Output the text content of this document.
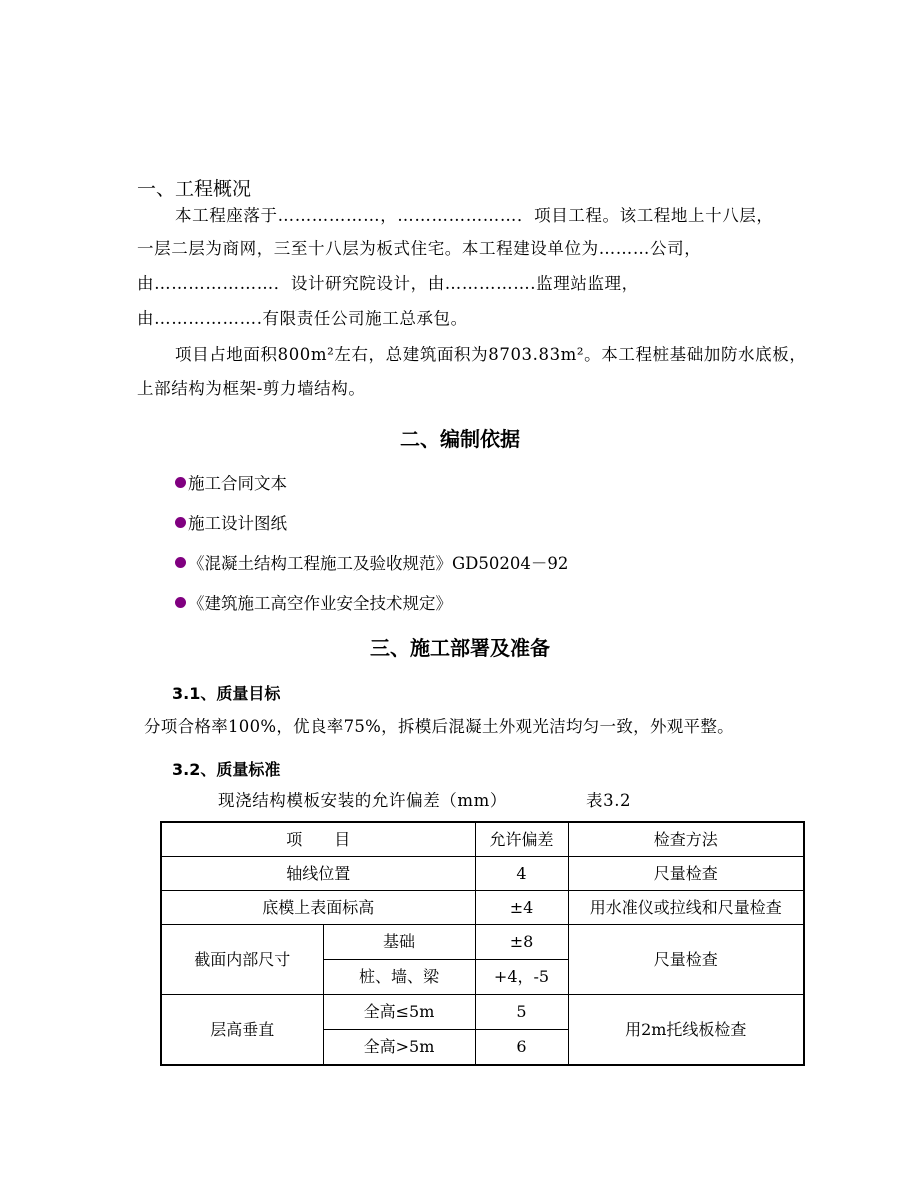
一、工程概况
本工程座落于………………，…………………．项目工程。该工程地上十八层，
一层二层为商网，三至十八层为板式住宅。本工程建设单位为………公司，
由…………………．设计研究院设计，由…………….监理站监理，
由……………….有限责任公司施工总承包。
项目占地面积800m²左右，总建筑面积为8703.83m²。本工程桩基础加防水底板，
上部结构为框架-剪力墙结构。
二、编制依据
施工合同文本
施工设计图纸
《混凝土结构工程施工及验收规范》GD50204－92
《建筑施工高空作业安全技术规定》
三、施工部署及准备
3.1、质量目标
分项合格率100%，优良率75%，拆模后混凝土外观光洁均匀一致，外观平整。
3.2、质量标准
现浇结构模板安装的允许偏差（mm）	表3.2
项　　目		允许偏差	检查方法
轴线位置		4	尺量检查
底模上表面标高		±4	用水准仪或拉线和尺量检查
截面内部尺寸	基础	±8	尺量检查
	桩、墙、梁	+4，-5	
层高垂直	全高≤5m	5	用2m托线板检查
	全高>5m	6	
